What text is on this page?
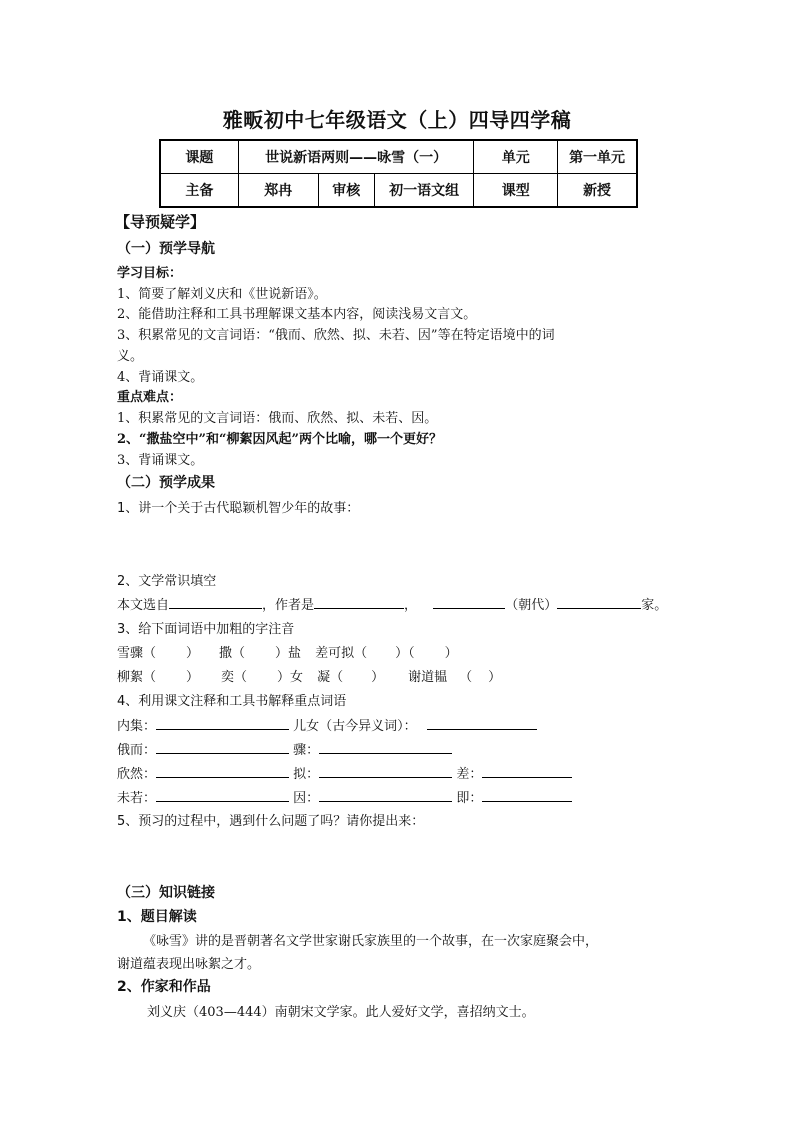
雅畈初中七年级语文（上）四导四学稿
课题	世说新语两则——咏雪（一）			单元	第一单元
主备	郑冉	审核	初一语文组	课型	新授
【导预疑学】
（一）预学导航
学习目标：
1、简要了解刘义庆和《世说新语》。
2、能借助注释和工具书理解课文基本内容，阅读浅易文言文。
3、积累常见的文言词语：“俄而、欣然、拟、未若、因”等在特定语境中的词
义。
4、背诵课文。
重点难点：
1、积累常见的文言词语：俄而、欣然、拟、未若、因。
2、“撒盐空中”和“柳絮因风起”两个比喻，哪一个更好？
3、背诵课文。
（二）预学成果
1、讲一个关于古代聪颖机智少年的故事：
2、文学常识填空
本文选自	，作者是	，	（朝代）	家。
3、给下面词语中加粗的字注音
雪骤（ ） 撒（ ）盐 差可拟（ ）（ ）
柳絮（ ） 奕（ ）女 凝（ ） 谢道韫 （ ）
4、利用课文注释和工具书解释重点词语
内集：	儿女（古今异义词）：
俄而：	骤：
欣然：	拟：	差：
未若：	因：	即：
5、预习的过程中，遇到什么问题了吗？请你提出来：
（三）知识链接
1、题目解读
《咏雪》讲的是晋朝著名文学世家谢氏家族里的一个故事，在一次家庭聚会中，
谢道蕴表现出咏絮之才。
2、作家和作品
刘义庆（403—444）南朝宋文学家。此人爱好文学，喜招纳文士。
